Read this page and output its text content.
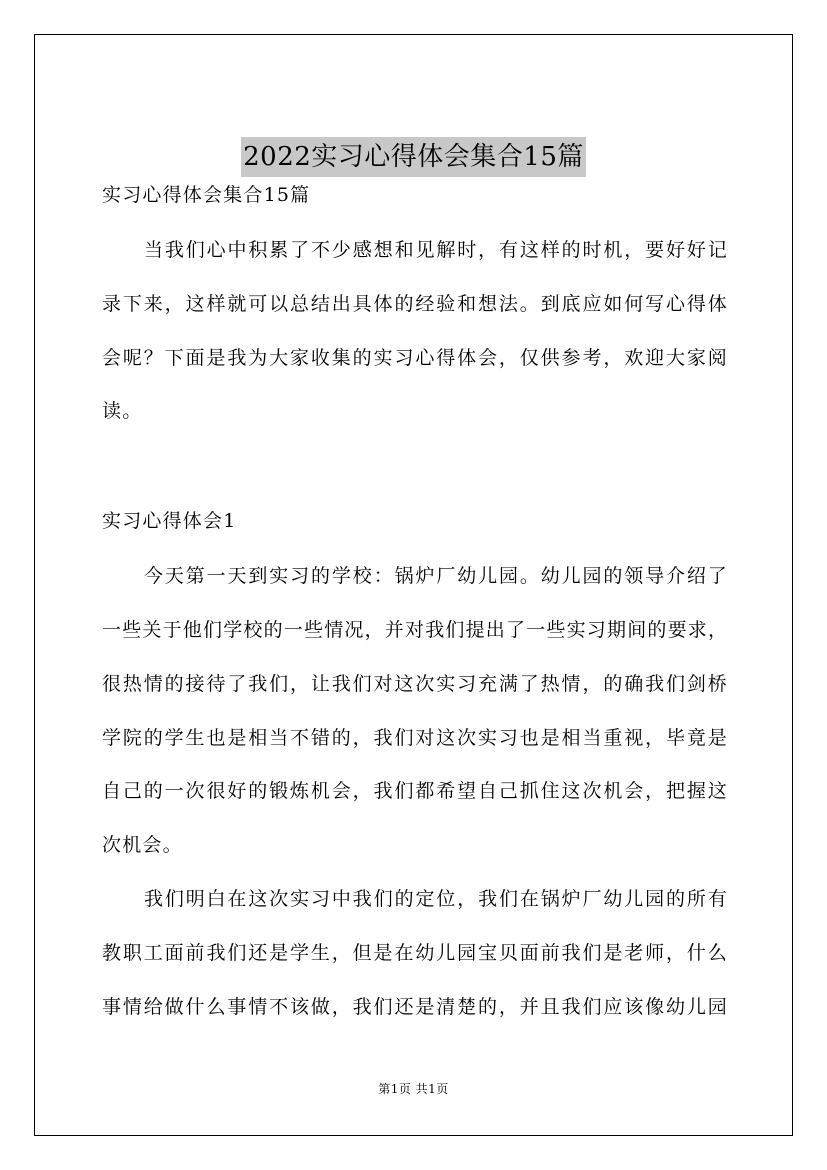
2022实习心得体会集合15篇
实习心得体会集合15篇
当我们心中积累了不少感想和见解时，有这样的时机，要好好记
录下来，这样就可以总结出具体的经验和想法。到底应如何写心得体
会呢？下面是我为大家收集的实习心得体会，仅供参考，欢迎大家阅
读。
实习心得体会1
今天第一天到实习的学校：锅炉厂幼儿园。幼儿园的领导介绍了
一些关于他们学校的一些情况，并对我们提出了一些实习期间的要求，
很热情的接待了我们，让我们对这次实习充满了热情，的确我们剑桥
学院的学生也是相当不错的，我们对这次实习也是相当重视，毕竟是
自己的一次很好的锻炼机会，我们都希望自己抓住这次机会，把握这
次机会。
我们明白在这次实习中我们的定位，我们在锅炉厂幼儿园的所有
教职工面前我们还是学生，但是在幼儿园宝贝面前我们是老师，什么
事情给做什么事情不该做，我们还是清楚的，并且我们应该像幼儿园
第1页 共1页
